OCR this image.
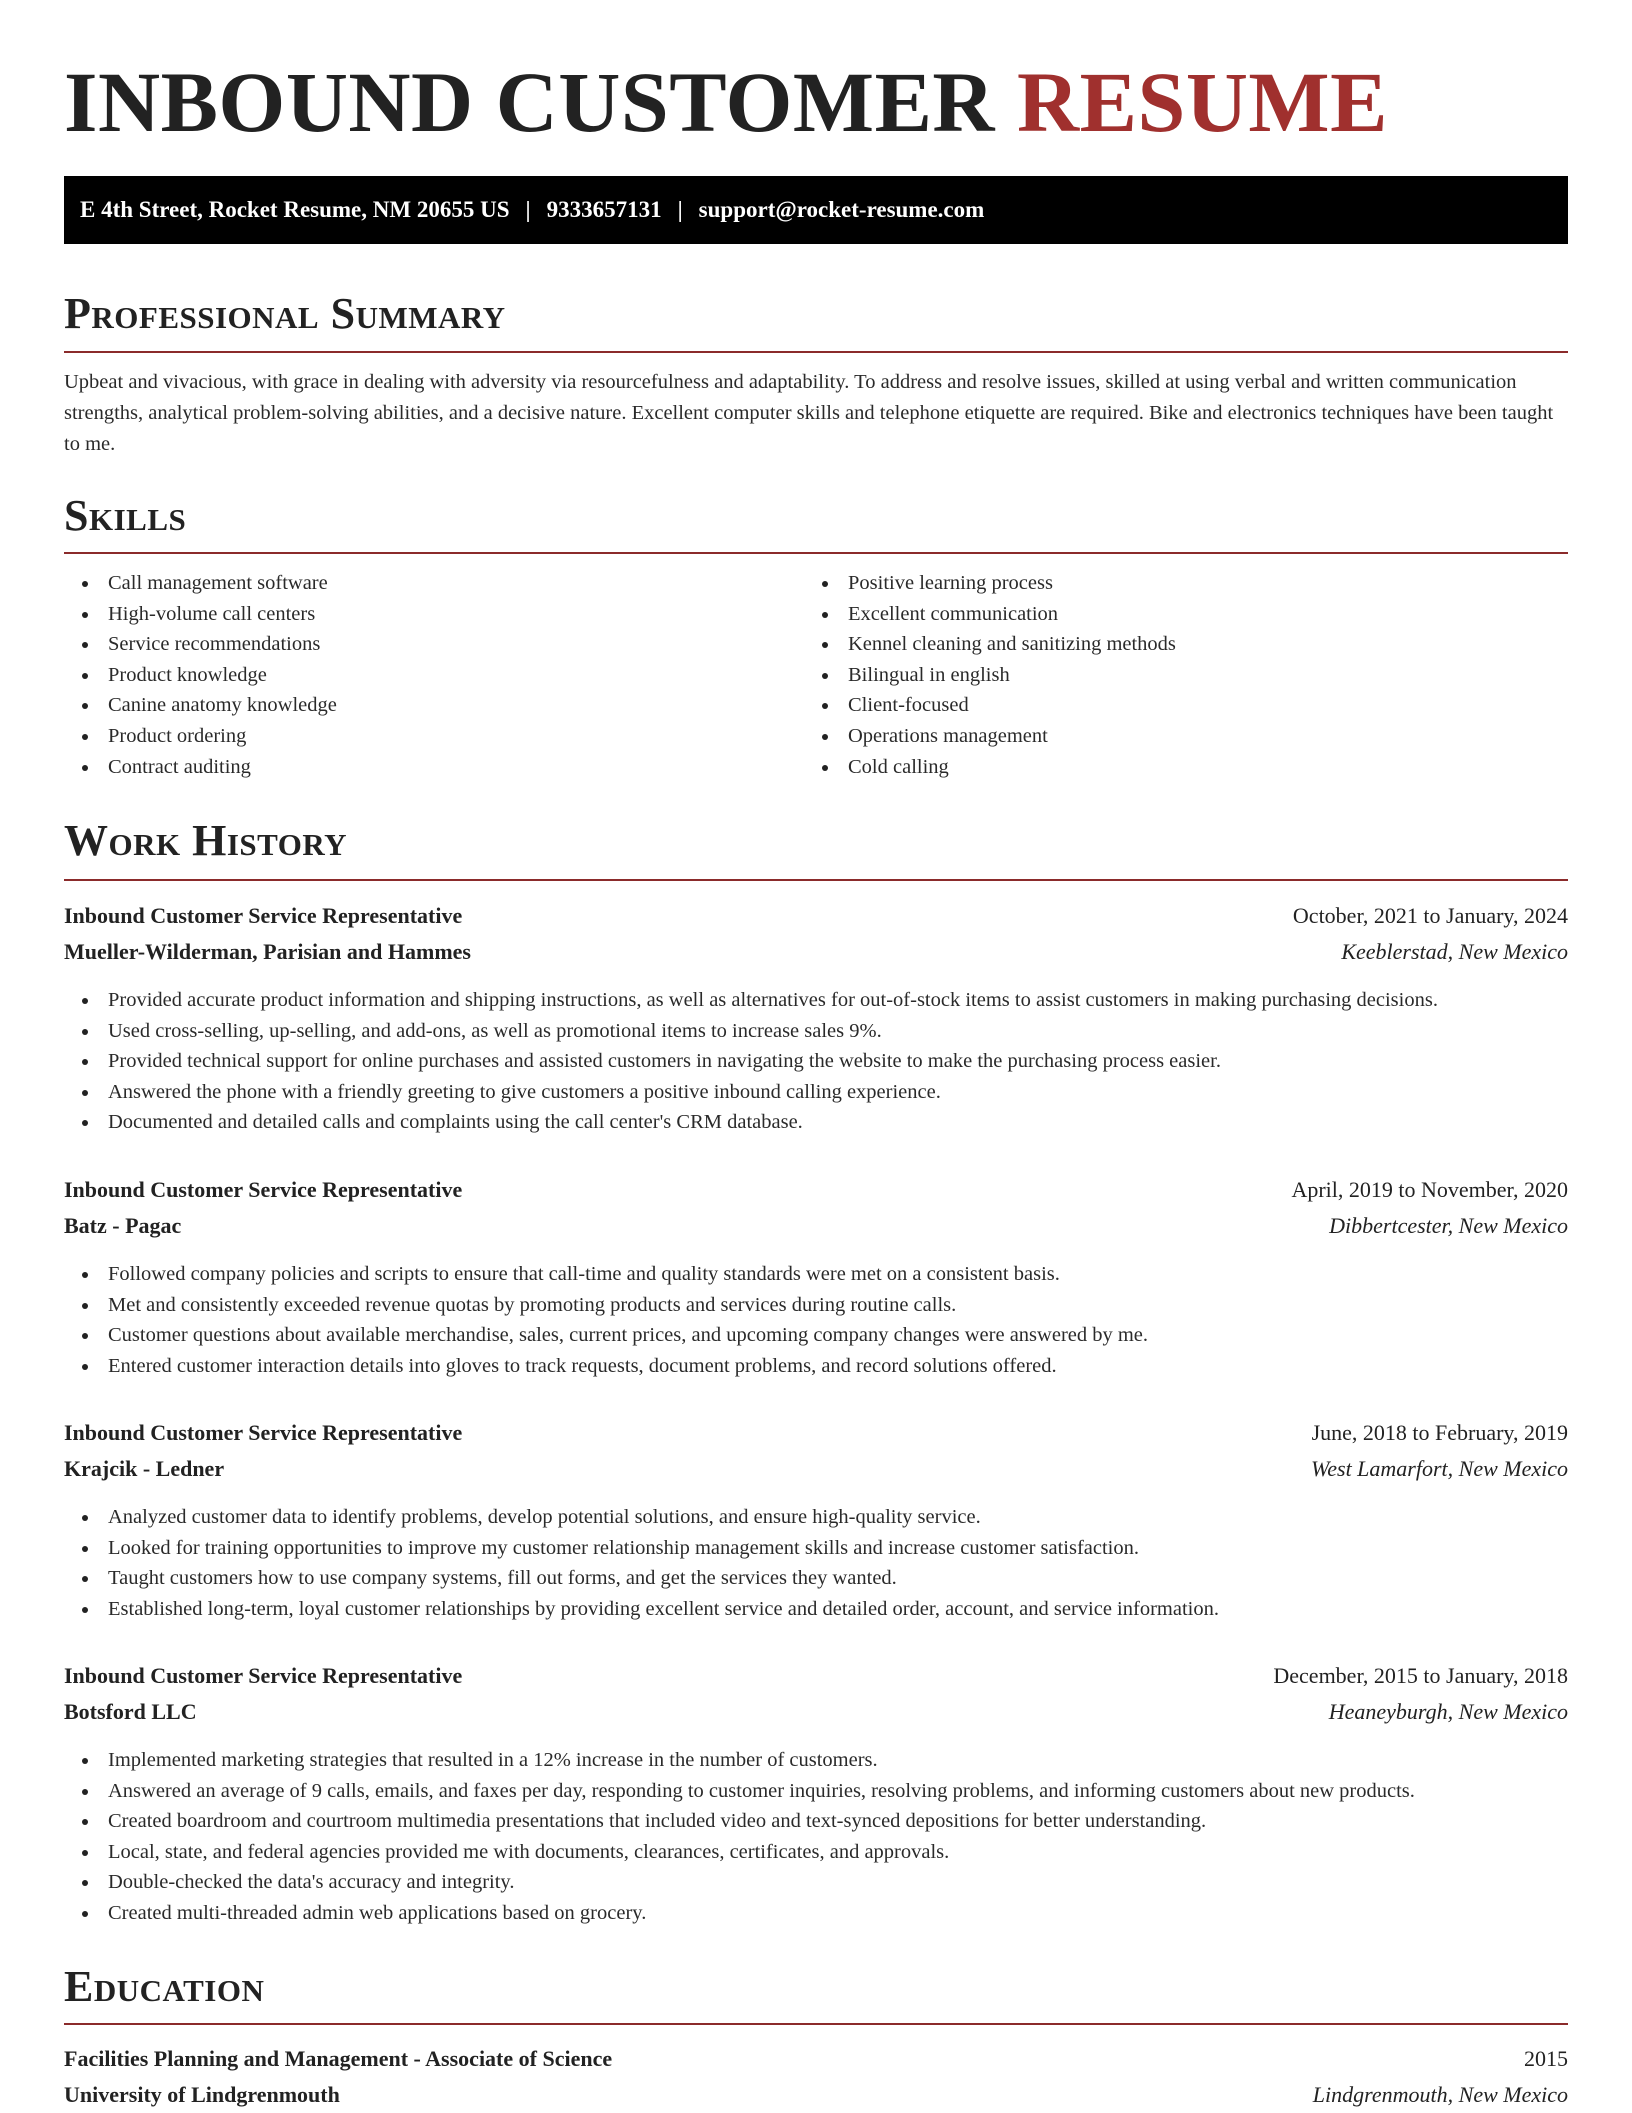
INBOUND CUSTOMER RESUME
E 4th Street, Rocket Resume, NM 20655 US | 9333657131 | support@rocket-resume.com
Professional Summary

Upbeat and vivacious, with grace in dealing with adversity via resourcefulness and adaptability. To address and resolve issues, skilled at using verbal and written communication strengths, analytical problem-solving abilities, and a decisive nature. Excellent computer skills and telephone etiquette are required. Bike and electronics techniques have been taught to me.

Skills
Call management software
High-volume call centers
Service recommendations
Product knowledge
Canine anatomy knowledge
Product ordering
Contract auditing
Positive learning process
Excellent communication
Kennel cleaning and sanitizing methods
Bilingual in english
Client-focused
Operations management
Cold calling
Work History
Inbound Customer Service Representative	October, 2021 to January, 2024
Mueller-Wilderman, Parisian and Hammes	Keeblerstad, New Mexico
Provided accurate product information and shipping instructions, as well as alternatives for out-of-stock items to assist customers in making purchasing decisions.
Used cross-selling, up-selling, and add-ons, as well as promotional items to increase sales 9%.
Provided technical support for online purchases and assisted customers in navigating the website to make the purchasing process easier.
Answered the phone with a friendly greeting to give customers a positive inbound calling experience.
Documented and detailed calls and complaints using the call center's CRM database.
Inbound Customer Service Representative	April, 2019 to November, 2020
Batz - Pagac	Dibbertcester, New Mexico
Followed company policies and scripts to ensure that call-time and quality standards were met on a consistent basis.
Met and consistently exceeded revenue quotas by promoting products and services during routine calls.
Customer questions about available merchandise, sales, current prices, and upcoming company changes were answered by me.
Entered customer interaction details into gloves to track requests, document problems, and record solutions offered.
Inbound Customer Service Representative	June, 2018 to February, 2019
Krajcik - Ledner	West Lamarfort, New Mexico
Analyzed customer data to identify problems, develop potential solutions, and ensure high-quality service.
Looked for training opportunities to improve my customer relationship management skills and increase customer satisfaction.
Taught customers how to use company systems, fill out forms, and get the services they wanted.
Established long-term, loyal customer relationships by providing excellent service and detailed order, account, and service information.
Inbound Customer Service Representative	December, 2015 to January, 2018
Botsford LLC	Heaneyburgh, New Mexico
Implemented marketing strategies that resulted in a 12% increase in the number of customers.
Answered an average of 9 calls, emails, and faxes per day, responding to customer inquiries, resolving problems, and informing customers about new products.
Created boardroom and courtroom multimedia presentations that included video and text-synced depositions for better understanding.
Local, state, and federal agencies provided me with documents, clearances, certificates, and approvals.
Double-checked the data's accuracy and integrity.
Created multi-threaded admin web applications based on grocery.
Education
Facilities Planning and Management - Associate of Science	2015
University of Lindgrenmouth	Lindgrenmouth, New Mexico
